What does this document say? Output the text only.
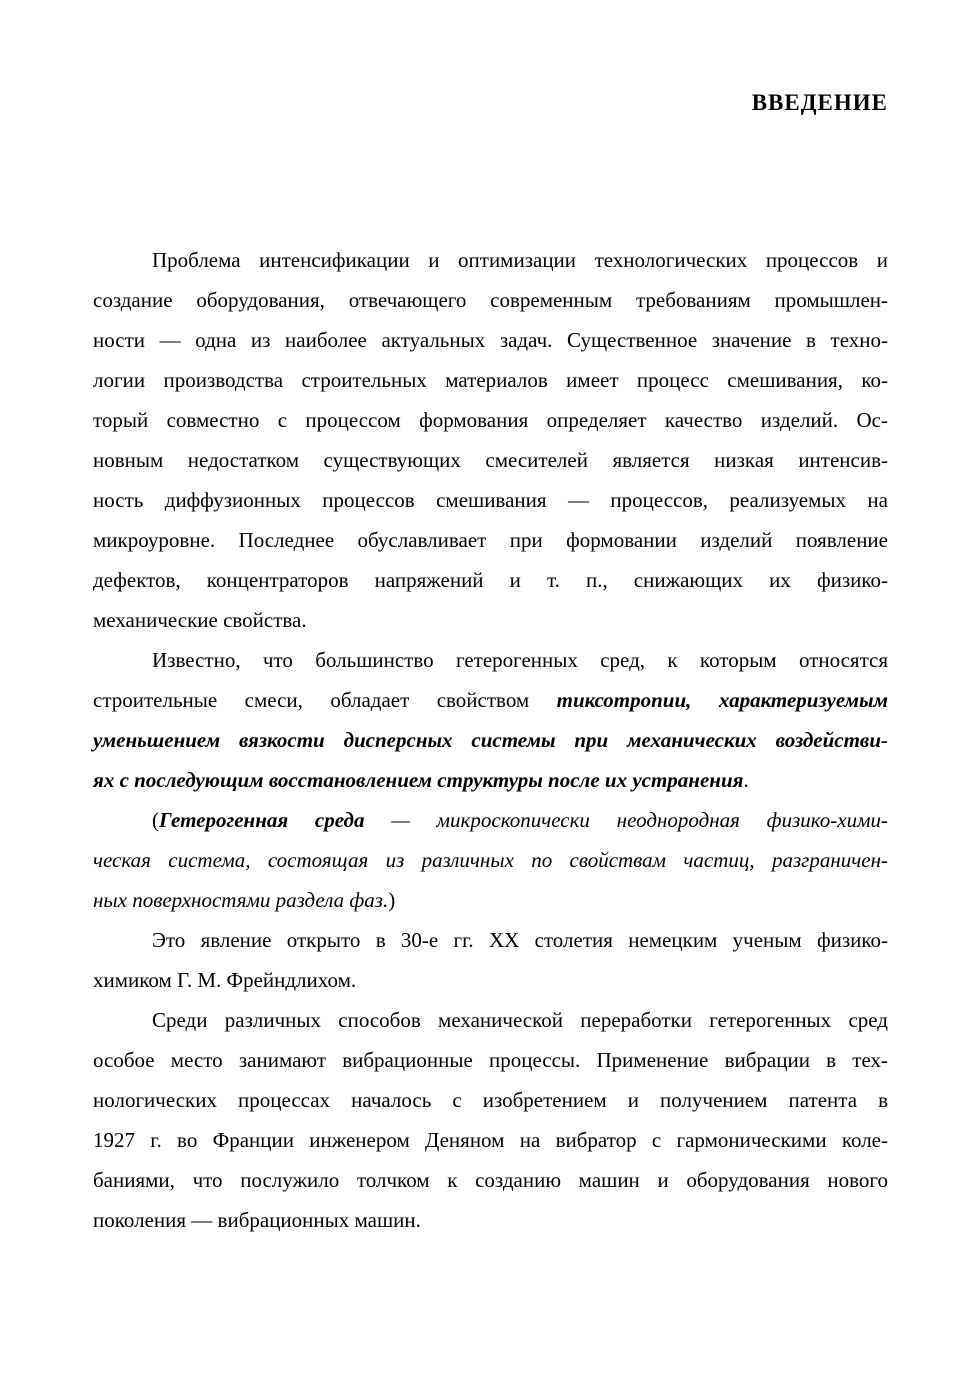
ВВЕДЕНИЕ
Проблема интенсификации и оптимизации технологических процессов и
создание оборудования, отвечающего современным требованиям промышлен-
ности — одна из наиболее актуальных задач. Существенное значение в техно-
логии производства строительных материалов имеет процесс смешивания, ко-
торый совместно с процессом формования определяет качество изделий. Ос-
новным недостатком существующих смесителей является низкая интенсив-
ность диффузионных процессов смешивания — процессов, реализуемых на
микроуровне. Последнее обуславливает при формовании изделий появление
дефектов, концентраторов напряжений и т. п., снижающих их физико-
механические свойства.
Известно, что большинство гетерогенных сред, к которым относятся
строительные смеси, обладает свойством тиксотропии, характеризуемым
уменьшением вязкости дисперсных системы при механических воздействи-
ях с последующим восстановлением структуры после их устранения.
(Гетерогенная среда — микроскопически неоднородная физико-хими-
ческая система, состоящая из различных по свойствам частиц, разграничен-
ных поверхностями раздела фаз.)
Это явление открыто в 30-е гг. XX столетия немецким ученым физико-
химиком Г. М. Фрейндлихом.
Среди различных способов механической переработки гетерогенных сред
особое место занимают вибрационные процессы. Применение вибрации в тех-
нологических процессах началось с изобретением и получением патента в
1927 г. во Франции инженером Деняном на вибратор с гармоническими коле-
баниями, что послужило толчком к созданию машин и оборудования нового
поколения — вибрационных машин.
